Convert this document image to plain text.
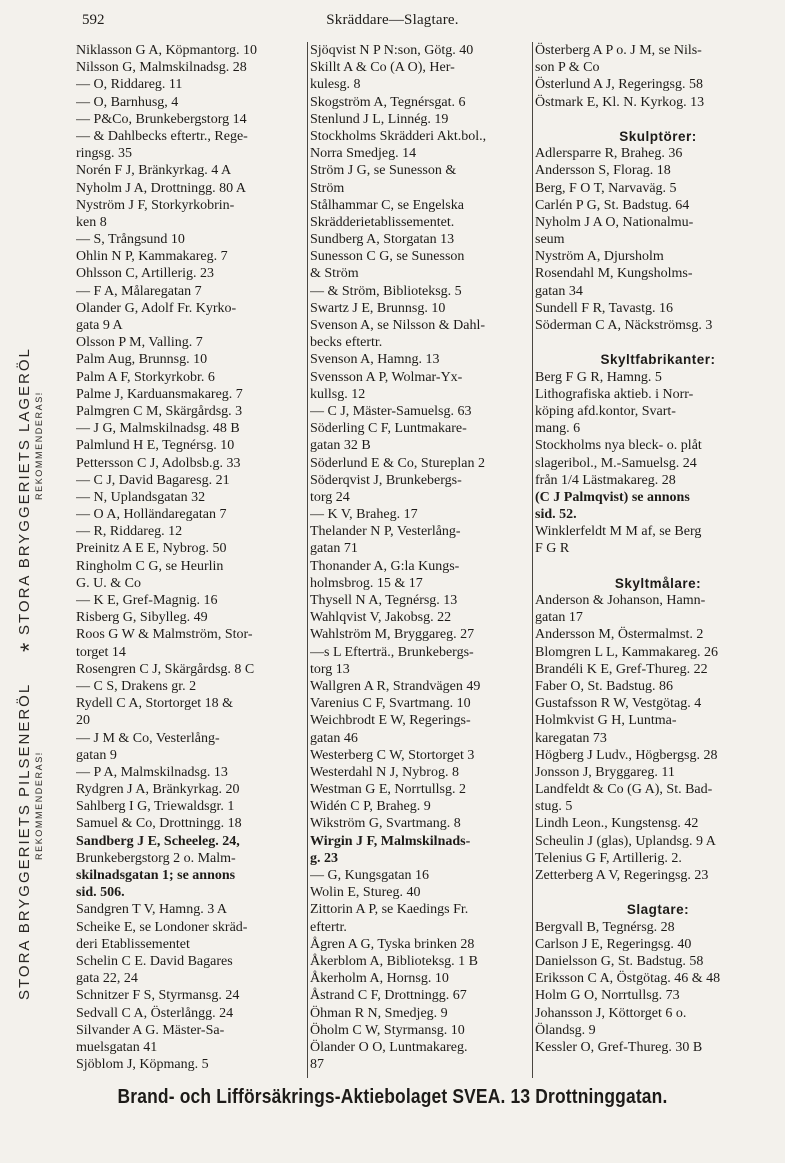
592	Skräddare—Slagtare.
Niklasson G A, Köpmantorg. 10
Nilsson G, Malmskilnadsg. 28
— O, Riddareg. 11
— O, Barnhusg, 4
— P&Co, Brunkebergstorg 14
— & Dahlbecks eftertr., Rege-
ringsg. 35
Norén F J, Bränkyrkag. 4 A
Nyholm J A, Drottningg. 80 A
Nyström J F, Storkyrkobrin-
ken 8
— S, Trångsund 10
Ohlin N P, Kammakareg. 7
Ohlsson C, Artillerig. 23
— F A, Målaregatan 7
Olander G, Adolf Fr. Kyrko-
gata 9 A
Olsson P M, Valling. 7
Palm Aug, Brunnsg. 10
Palm A F, Storkyrkobr. 6
Palme J, Karduansmakareg. 7
Palmgren C M, Skärgårdsg. 3
— J G, Malmskilnadsg. 48 B
Palmlund H E, Tegnérsg. 10
Pettersson C J, Adolbsb.g. 33
— C J, David Bagaresg. 21
— N, Uplandsgatan 32
— O A, Holländaregatan 7
— R, Riddareg. 12
Preinitz A E E, Nybrog. 50
Ringholm C G, se Heurlin
G. U. & Co
— K E, Gref-Magnig. 16
Risberg G, Sibylleg. 49
Roos G W & Malmström, Stor-
torget 14
Rosengren C J, Skärgårdsg. 8 C
— C S, Drakens gr. 2
Rydell C A, Stortorget 18 &
20
— J M & Co, Vesterlång-
gatan 9
— P A, Malmskilnadsg. 13
Rydgren J A, Bränkyrkag. 20
Sahlberg I G, Triewaldsgr. 1
Samuel & Co, Drottningg. 18
Sandberg J E, Scheeleg. 24,
Brunkebergstorg 2 o. Malm-
skilnadsgatan 1; se annons
sid. 506.
Sandgren T V, Hamng. 3 A
Scheike E, se Londoner skräd-
deri Etablissementet
Schelin C E. David Bagares
gata 22, 24
Schnitzer F S, Styrmansg. 24
Sedvall C A, Österlångg. 24
Silvander A G. Mäster-Sa-
muelsgatan 41
Sjöblom J, Köpmang. 5
Sjöqvist N P N:son, Götg. 40
Skillt A & Co (A O), Her-
kulesg. 8
Skogström A, Tegnérsgat. 6
Stenlund J L, Linnég. 19
Stockholms Skrädderi Akt.bol.,
Norra Smedjeg. 14
Ström J G, se Sunesson &
Ström
Stålhammar C, se Engelska
Skrädderietablissementet.
Sundberg A, Storgatan 13
Sunesson C G, se Sunesson
& Ström
— & Ström, Biblioteksg. 5
Swartz J E, Brunnsg. 10
Svenson A, se Nilsson & Dahl-
becks eftertr.
Svenson A, Hamng. 13
Svensson A P, Wolmar-Yx-
kullsg. 12
— C J, Mäster-Samuelsg. 63
Söderling C F, Luntmakare-
gatan 32 B
Söderlund E & Co, Stureplan 2
Söderqvist J, Brunkebergs-
torg 24
— K V, Braheg. 17
Thelander N P, Vesterlång-
gatan 71
Thonander A, G:la Kungs-
holmsbrog. 15 & 17
Thysell N A, Tegnérsg. 13
Wahlqvist V, Jakobsg. 22
Wahlström M, Bryggareg. 27
—s L Efterträ., Brunkebergs-
torg 13
Wallgren A R, Strandvägen 49
Varenius C F, Svartmang. 10
Weichbrodt E W, Regerings-
gatan 46
Westerberg C W, Stortorget 3
Westerdahl N J, Nybrog. 8
Westman G E, Norrtullsg. 2
Widén C P, Braheg. 9
Wikström G, Svartmang. 8
Wirgin J F, Malmskilnads-
g. 23
— G, Kungsgatan 16
Wolin E, Stureg. 40
Zittorin A P, se Kaedings Fr.
eftertr.
Ågren A G, Tyska brinken 28
Åkerblom A, Biblioteksg. 1 B
Åkerholm A, Hornsg. 10
Åstrand C F, Drottningg. 67
Öhman R N, Smedjeg. 9
Öholm C W, Styrmansg. 10
Ölander O O, Luntmakareg.
87
Österberg A P o. J M, se Nils-
son P & Co
Österlund A J, Regeringsg. 58
Östmark E, Kl. N. Kyrkog. 13
Skulptörer:
Adlersparre R, Braheg. 36
Andersson S, Florag. 18
Berg, F O T, Narvaväg. 5
Carlén P G, St. Badstug. 64
Nyholm J A O, Nationalmu-
seum
Nyström A, Djursholm
Rosendahl M, Kungsholms-
gatan 34
Sundell F R, Tavastg. 16
Söderman C A, Näckströmsg. 3
Skyltfabrikanter:
Berg F G R, Hamng. 5
Lithografiska aktieb. i Norr-
köping afd.kontor, Svart-
mang. 6
Stockholms nya bleck- o. plåt
slageribol., M.-Samuelsg. 24
från 1/4 Lästmakareg. 28
(C J Palmqvist) se annons
sid. 52.
Winklerfeldt M M af, se Berg
F G R
Skyltmålare:
Anderson & Johanson, Hamn-
gatan 17
Andersson M, Östermalmst. 2
Blomgren L L, Kammakareg. 26
Brandéli K E, Gref-Thureg. 22
Faber O, St. Badstug. 86
Gustafsson R W, Vestgötag. 4
Holmkvist G H, Luntma-
karegatan 73
Högberg J Ludv., Högbergsg. 28
Jonsson J, Bryggareg. 11
Landfeldt & Co (G A), St. Bad-
stug. 5
Lindh Leon., Kungstensg. 42
Scheulin J (glas), Uplandsg. 9 A
Telenius G F, Artillerig. 2.
Zetterberg A V, Regeringsg. 23
Slagtare:
Bergvall B, Tegnérsg. 28
Carlson J E, Regeringsg. 40
Danielsson G, St. Badstug. 58
Eriksson C A, Östgötag. 46 & 48
Holm G O, Norrtullsg. 73
Johansson J, Köttorget 6 o.
Ölandsg. 9
Kessler O, Gref-Thureg. 30 B
STORA BRYGGERIETS PILSENERÖL REKOMMENDERAS!
*
STORA BRYGGERIETS LAGERÖL REKOMMENDERAS!
Brand- och Lifförsäkrings-Aktiebolaget SVEA. 13 Drottninggatan.
